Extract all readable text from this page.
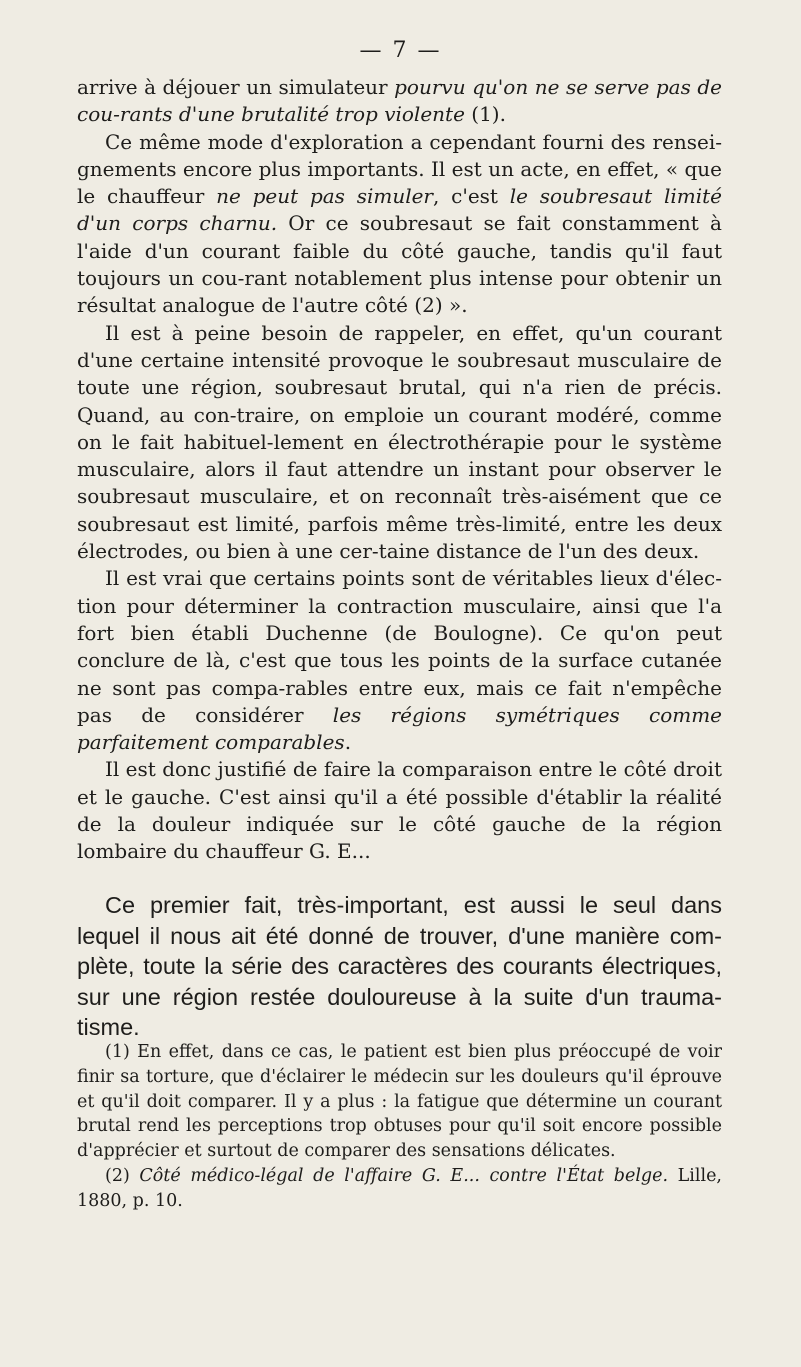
— 7 —

arrive à déjouer un simulateur pourvu qu'on ne se serve pas de cou-rants d'une brutalité trop violente (1).

Ce même mode d'exploration a cependant fourni des rensei-gnements encore plus importants. Il est un acte, en effet, « que le chauffeur ne peut pas simuler, c'est le soubresaut limité d'un corps charnu. Or ce soubresaut se fait constamment à l'aide d'un courant faible du côté gauche, tandis qu'il faut toujours un cou-rant notablement plus intense pour obtenir un résultat analogue de l'autre côté (2) ».

Il est à peine besoin de rappeler, en effet, qu'un courant d'une certaine intensité provoque le soubresaut musculaire de toute une région, soubresaut brutal, qui n'a rien de précis. Quand, au con-traire, on emploie un courant modéré, comme on le fait habituel-lement en électrothérapie pour le système musculaire, alors il faut attendre un instant pour observer le soubresaut musculaire, et on reconnaît très-aisément que ce soubresaut est limité, parfois même très-limité, entre les deux électrodes, ou bien à une cer-taine distance de l'un des deux.

Il est vrai que certains points sont de véritables lieux d'élec-tion pour déterminer la contraction musculaire, ainsi que l'a fort bien établi Duchenne (de Boulogne). Ce qu'on peut conclure de là, c'est que tous les points de la surface cutanée ne sont pas compa-rables entre eux, mais ce fait n'empêche pas de considérer les régions symétriques comme parfaitement comparables.

Il est donc justifié de faire la comparaison entre le côté droit et le gauche. C'est ainsi qu'il a été possible d'établir la réalité de la douleur indiquée sur le côté gauche de la région lombaire du chauffeur G. E...

Ce premier fait, très-important, est aussi le seul dans lequel il nous ait été donné de trouver, d'une manière com-plète, toute la série des caractères des courants électriques, sur une région restée douloureuse à la suite d'un trauma-tisme.

(1) En effet, dans ce cas, le patient est bien plus préoccupé de voir finir sa torture, que d'éclairer le médecin sur les douleurs qu'il éprouve et qu'il doit comparer. Il y a plus : la fatigue que détermine un courant brutal rend les perceptions trop obtuses pour qu'il soit encore possible d'apprécier et surtout de comparer des sensations délicates.

(2) Côté médico-légal de l'affaire G. E... contre l'État belge. Lille, 1880, p. 10.
